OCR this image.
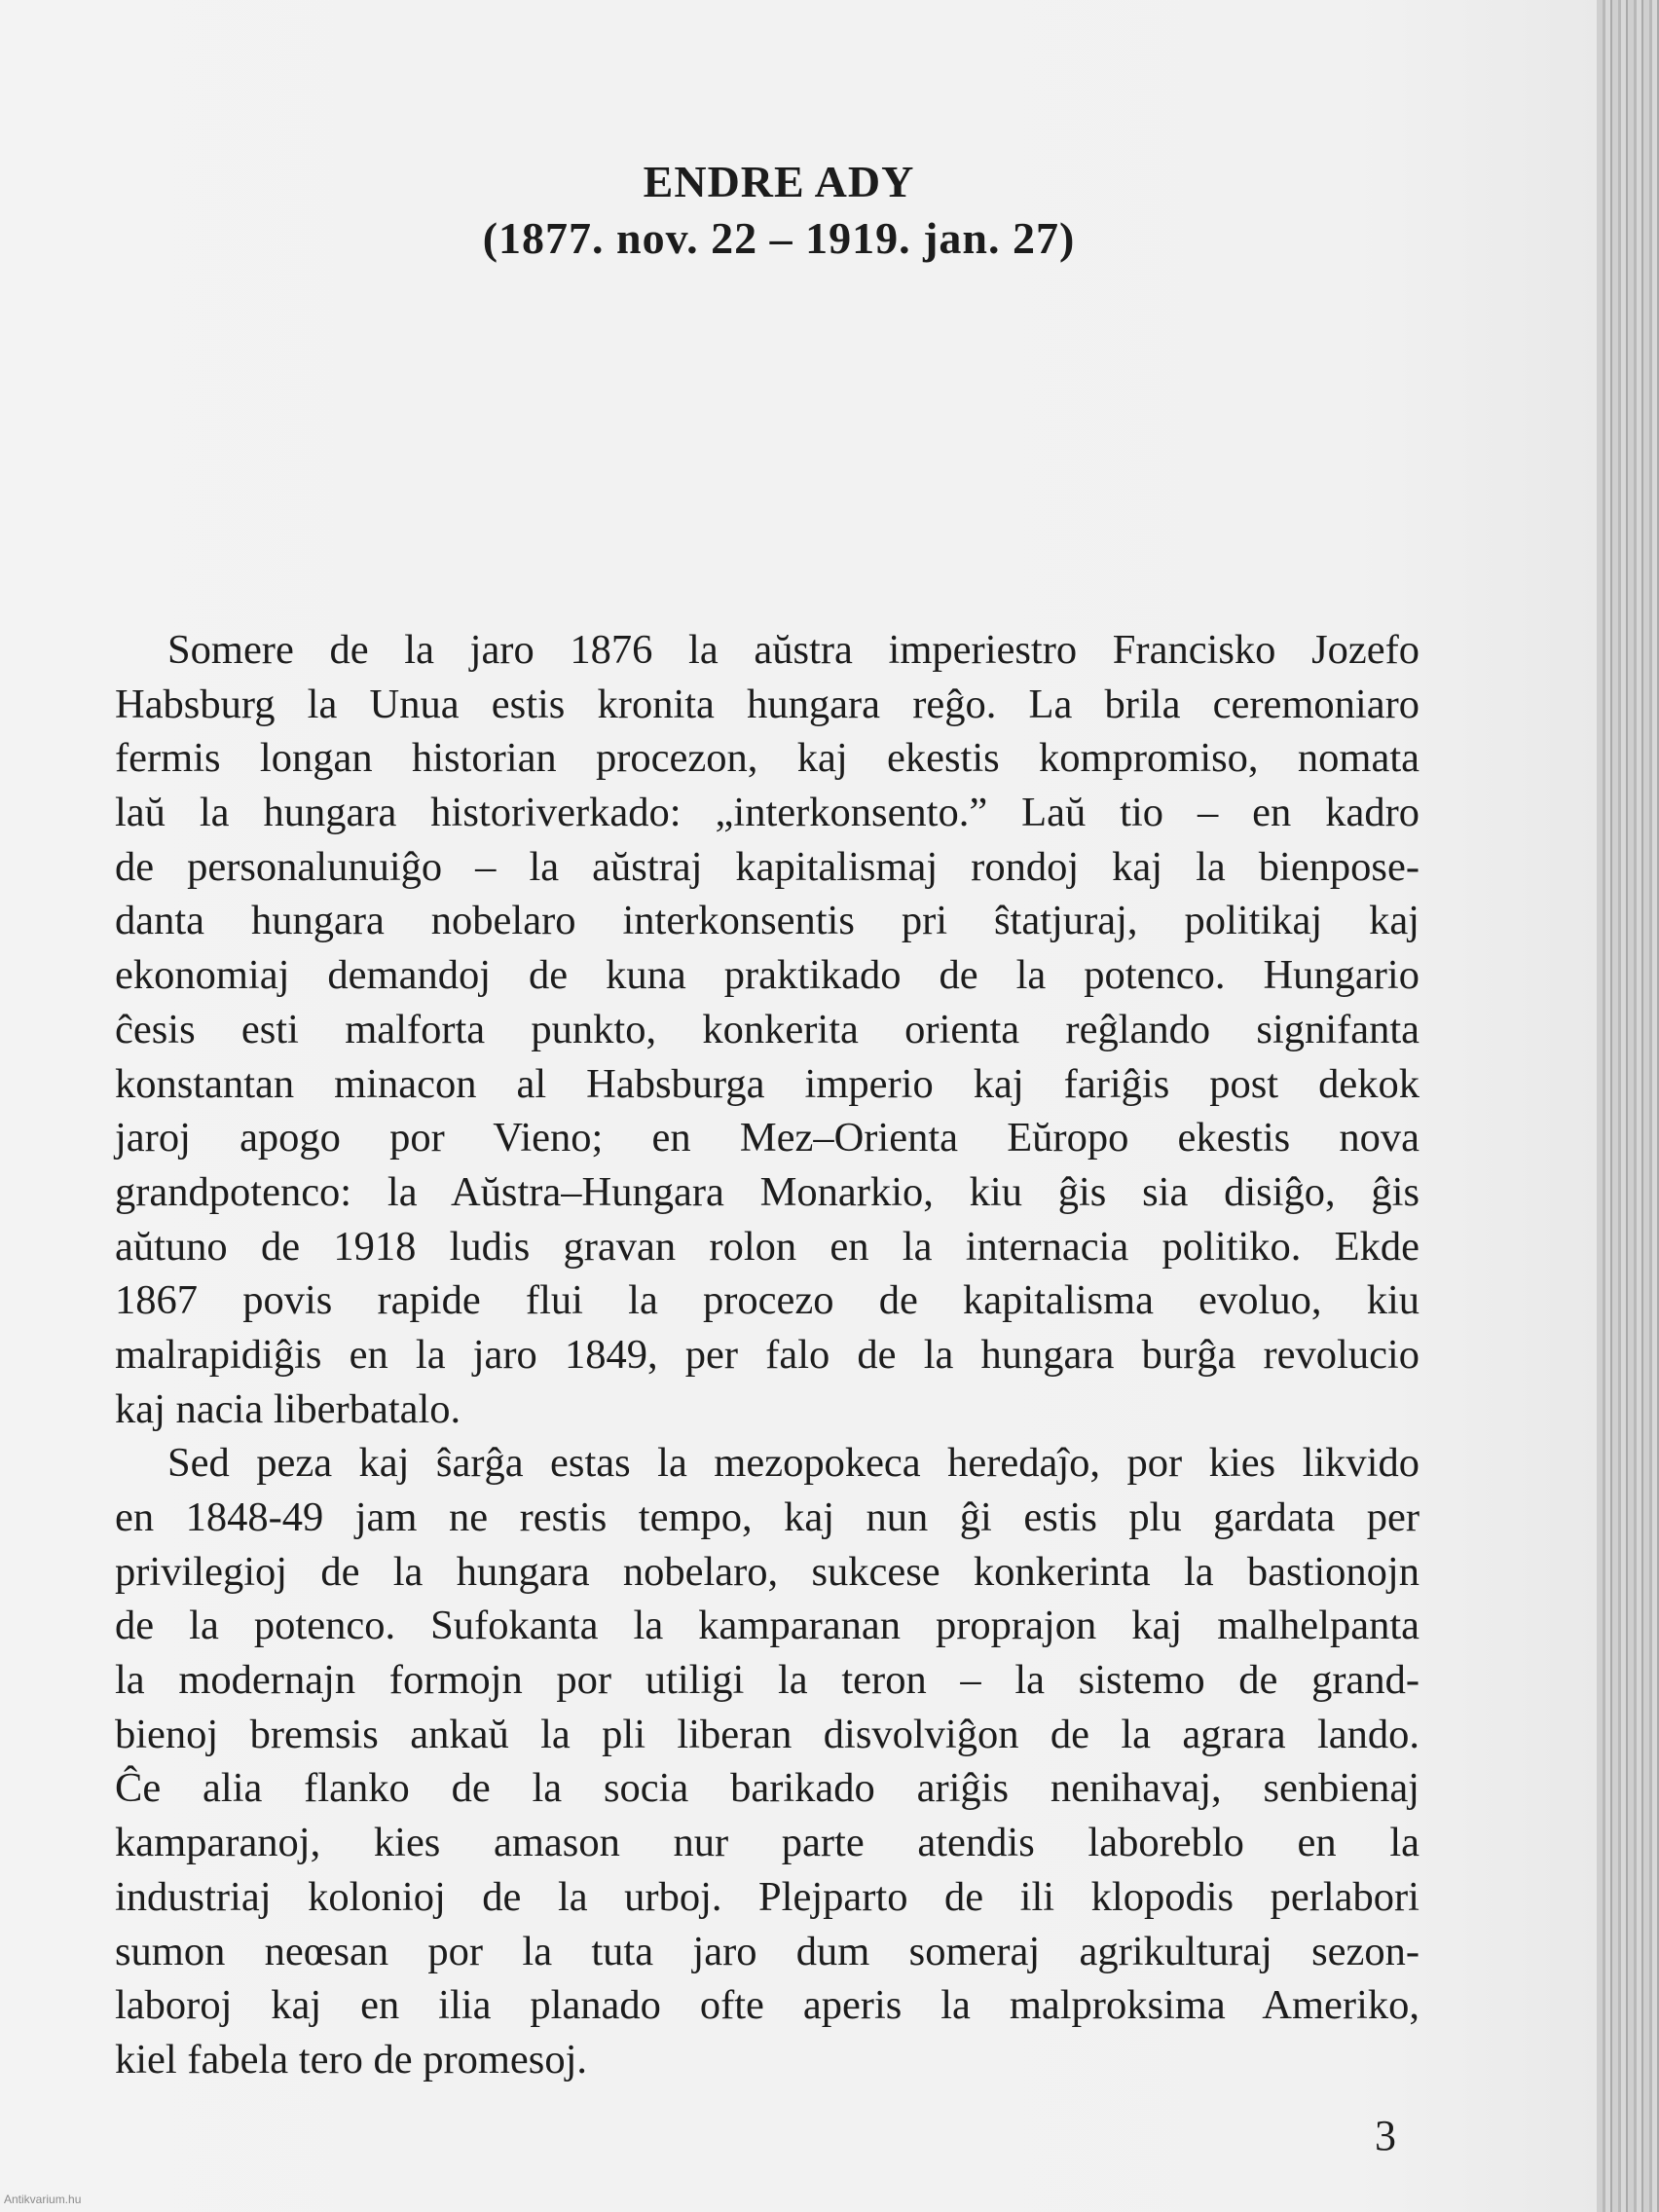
ENDRE ADY
(1877. nov. 22 – 1919. jan. 27)
Somere de la jaro 1876 la aŭstra imperiestro Francisko Jozefo
Habsburg la Unua estis kronita hungara reĝo. La brila ceremoniaro
fermis longan historian procezon, kaj ekestis kompromiso, nomata
laŭ la hungara historiverkado: „interkonsento.” Laŭ tio – en kadro
de personalunuiĝo – la aŭstraj kapitalismaj rondoj kaj la bienpose-
danta hungara nobelaro interkonsentis pri ŝtatjuraj, politikaj kaj
ekonomiaj demandoj de kuna praktikado de la potenco. Hungario
ĉesis esti malforta punkto, konkerita orienta reĝlando signifanta
konstantan minacon al Habsburga imperio kaj fariĝis post dekok
jaroj apogo por Vieno; en Mez–Orienta Eŭropo ekestis nova
grandpotenco: la Aŭstra–Hungara Monarkio, kiu ĝis sia disiĝo, ĝis
aŭtuno de 1918 ludis gravan rolon en la internacia politiko. Ekde
1867 povis rapide flui la procezo de kapitalisma evoluo, kiu
malrapidiĝis en la jaro 1849, per falo de la hungara burĝa revolucio
kaj nacia liberbatalo.
Sed peza kaj ŝarĝa estas la mezopokeca heredaĵo, por kies likvido
en 1848-49 jam ne restis tempo, kaj nun ĝi estis plu gardata per
privilegioj de la hungara nobelaro, sukcese konkerinta la bastionojn
de la potenco. Sufokanta la kamparanan proprajon kaj malhelpanta
la modernajn formojn por utiligi la teron – la sistemo de grand-
bienoj bremsis ankaŭ la pli liberan disvolviĝon de la agrara lando.
Ĉe alia flanko de la socia barikado ariĝis nenihavaj, senbienaj
kamparanoj, kies amason nur parte atendis laboreblo en la
industriaj kolonioj de la urboj. Plejparto de ili klopodis perlabori
sumon neœsan por la tuta jaro dum someraj agrikulturaj sezon-
laboroj kaj en ilia planado ofte aperis la malproksima Ameriko,
kiel fabela tero de promesoj.
3
Antikvarium.hu
